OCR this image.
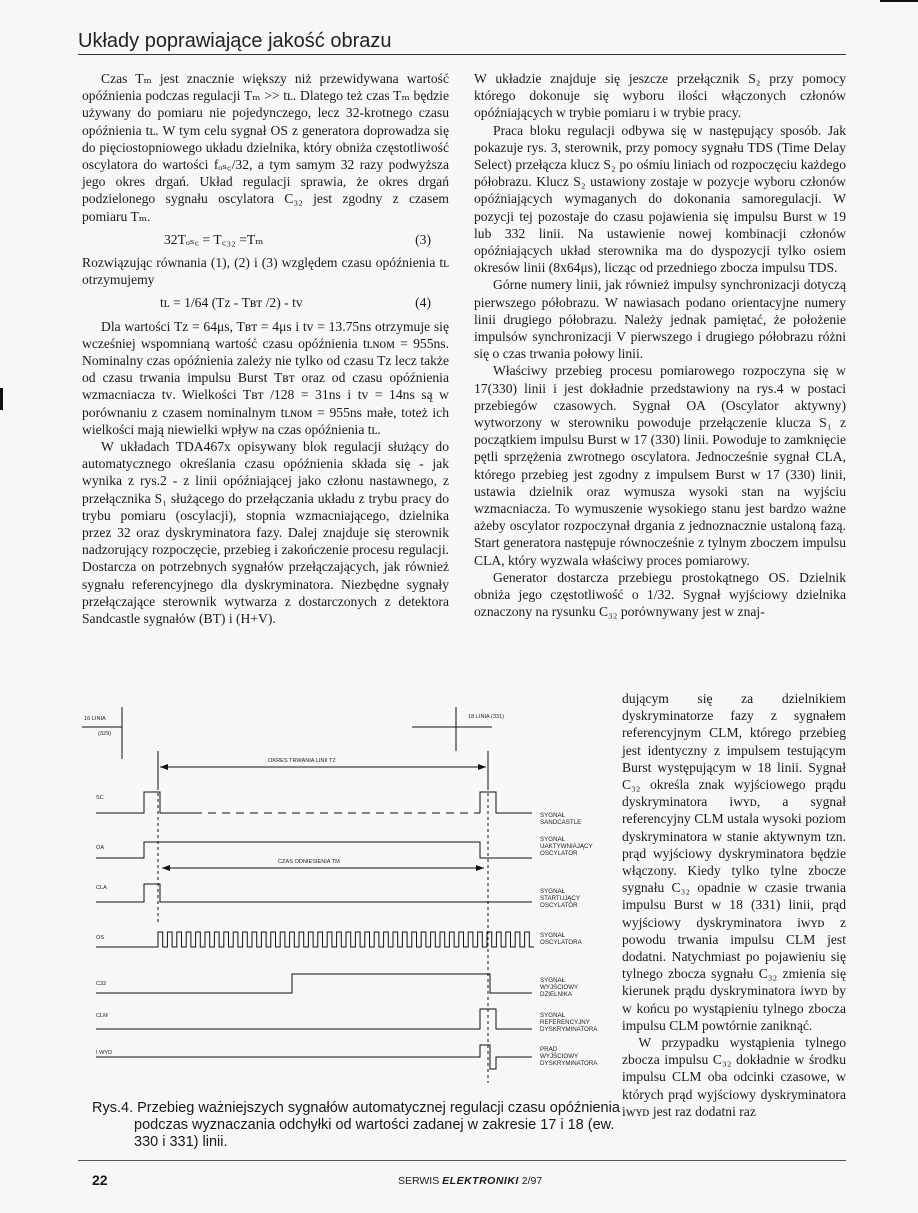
Układy poprawiające jakość obrazu

Czas Tₘ jest znacznie większy niż przewidywana wartość opóźnienia podczas regulacji Tₘ >> tʟ. Dlatego też czas Tₘ będzie używany do pomiaru nie pojedynczego, lecz 32-krotnego czasu opóźnienia tʟ. W tym celu sygnał OS z generatora doprowadza się do pięciostopniowego układu dzielnika, który obniża częstotliwość oscylatora do wartości fₒₛ꜀/32, a tym samym 32 razy podwyższa jego okres drgań. Układ regulacji sprawia, że okres drgań podzielonego sygnału oscylatora C₃₂ jest zgodny z czasem pomiaru Tₘ.

32Tₒₛ꜀ = T꜀₃₂ =Tₘ	(3)

Rozwiązując równania (1), (2) i (3) względem czasu opóźnienia tʟ otrzymujemy

tʟ = 1/64 (Tᴢ - Tʙᴛ /2) - tᴠ	(4)

Dla wartości Tᴢ = 64μs, Tʙᴛ = 4μs i tᴠ = 13.75ns otrzymuje się wcześniej wspomnianą wartość czasu opóźnienia tʟɴᴏᴍ = 955ns. Nominalny czas opóźnienia zależy nie tylko od czasu Tᴢ lecz także od czasu trwania impulsu Burst Tʙᴛ oraz od czasu opóźnienia wzmacniacza tᴠ. Wielkości Tʙᴛ /128 = 31ns i tᴠ = 14ns są w porównaniu z czasem nominalnym tʟɴᴏᴍ = 955ns małe, toteż ich wielkości mają niewielki wpływ na czas opóźnienia tʟ.

W układach TDA467x opisywany blok regulacji służący do automatycznego określania czasu opóźnienia składa się - jak wynika z rys.2 - z linii opóźniającej jako członu nastawnego, z przełącznika S₁ służącego do przełączania układu z trybu pracy do trybu pomiaru (oscylacji), stopnia wzmacniającego, dzielnika przez 32 oraz dyskryminatora fazy. Dalej znajduje się sterownik nadzorujący rozpoczęcie, przebieg i zakończenie procesu regulacji. Dostarcza on potrzebnych sygnałów przełączających, jak również sygnału referencyjnego dla dyskryminatora. Niezbędne sygnały przełączające sterownik wytwarza z dostarczonych z detektora Sandcastle sygnałów (BT) i (H+V).

W układzie znajduje się jeszcze przełącznik S₂ przy pomocy którego dokonuje się wyboru ilości włączonych członów opóźniających w trybie pomiaru i w trybie pracy.

Praca bloku regulacji odbywa się w następujący sposób. Jak pokazuje rys. 3, sterownik, przy pomocy sygnału TDS (Time Delay Select) przełącza klucz S₂ po ośmiu liniach od rozpoczęciu każdego półobrazu. Klucz S₂ ustawiony zostaje w pozycje wyboru członów opóźniających wymaganych do dokonania samoregulacji. W pozycji tej pozostaje do czasu pojawienia się impulsu Burst w 19 lub 332 linii. Na ustawienie nowej kombinacji członów opóźniających układ sterownika ma do dyspozycji tylko osiem okresów linii (8x64μs), licząc od przedniego zbocza impulsu TDS.

Górne numery linii, jak również impulsy synchronizacji dotyczą pierwszego półobrazu. W nawiasach podano orientacyjne numery linii drugiego półobrazu. Należy jednak pamiętać, że położenie impulsów synchronizacji V pierwszego i drugiego półobrazu różni się o czas trwania połowy linii.

Właściwy przebieg procesu pomiarowego rozpoczyna się w 17(330) linii i jest dokładnie przedstawiony na rys.4 w postaci przebiegów czasowych. Sygnał OA (Oscylator aktywny) wytworzony w sterowniku powoduje przełączenie klucza S₁ z początkiem impulsu Burst w 17 (330) linii. Powoduje to zamknięcie pętli sprzężenia zwrotnego oscylatora. Jednocześnie sygnał CLA, którego przebieg jest zgodny z impulsem Burst w 17 (330) linii, ustawia dzielnik oraz wymusza wysoki stan na wyjściu wzmacniacza. To wymuszenie wysokiego stanu jest bardzo ważne ażeby oscylator rozpoczynał drgania z jednoznacznie ustaloną fazą. Start generatora następuje równocześnie z tylnym zboczem impulsu CLA, który wyzwala właściwy proces pomiarowy.

Generator dostarcza przebiegu prostokątnego OS. Dzielnik obniża jego częstotliwość o 1/32. Sygnał wyjściowy dzielnika oznaczony na rysunku C₃₂ porównywany jest w znaj-

dującym się za dzielnikiem dyskryminatorze fazy z sygnałem referencyjnym CLM, którego przebieg jest identyczny z impulsem testującym Burst występującym w 18 linii. Sygnał C₃₂ określa znak wyjściowego prądu dyskryminatora iᴡʏᴅ, a sygnał referencyjny CLM ustala wysoki poziom dyskryminatora w stanie aktywnym tzn. prąd wyjściowy dyskryminatora będzie włączony. Kiedy tylko tylne zbocze sygnału C₃₂ opadnie w czasie trwania impulsu Burst w 18 (331) linii, prąd wyjściowy dyskryminatora iᴡʏᴅ z powodu trwania impulsu CLM jest dodatni. Natychmiast po pojawieniu się tylnego zbocza sygnału C₃₂ zmienia się kierunek prądu dyskryminatora iᴡʏᴅ by w końcu po wystąpieniu tylnego zbocza impulsu CLM powtórnie zaniknąć.

W przypadku wystąpienia tylnego zbocza impulsu C₃₂ dokładnie w środku impulsu CLM oba odcinki czasowe, w których prąd wyjściowy dyskryminatora iᴡʏᴅ jest raz dodatni raz

16 LINIA
(329)
18 LINIA (331)
OKRES TRWANIA LINII T2
SC
SYGNAŁ
SANDCASTLE
OA
SYGNAŁ
UAKTYWNIAJĄCY
OSCYLATOR
CZAS ODNIESIENIA TM
CLA	SYGNAŁ
STARTUJĄCY
OSCYLATOR
OS	SYGNAŁ
OSCYLATORA
C32	SYGNAŁ
WYJŚCIOWY
DZIELNIKA
CLM	SYGNAŁ
REFERENCYJNY
DYSKRYMINATORA
I WYD	PRĄD
WYJŚCIOWY
DYSKRYMINATORA
Rys.4. Przebieg ważniejszych sygnałów automatycznej regulacji czasu opóźnienia podczas wyznaczania odchyłki od wartości zadanej w zakresie 17 i 18 (ew. 330 i 331) linii.
22	SERWIS ELEKTRONIKI 2/97
